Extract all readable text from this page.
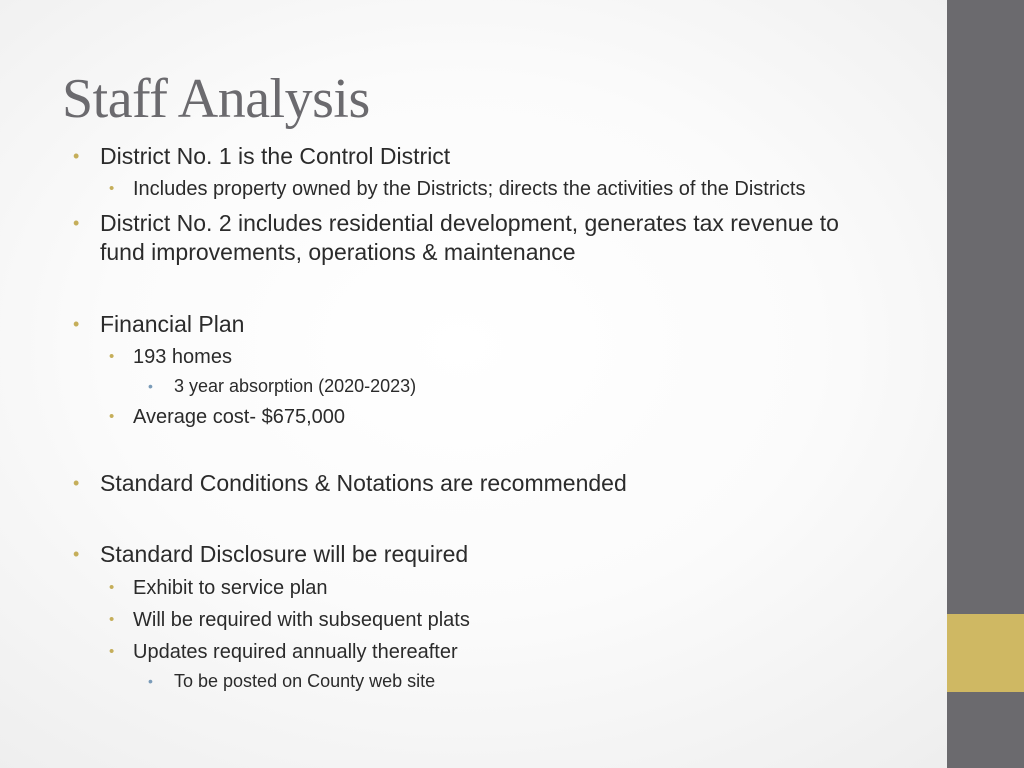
Staff Analysis
• District No. 1 is the Control District
• Includes property owned by the Districts; directs the activities of the Districts
• District No. 2 includes residential development, generates tax revenue to fund improvements, operations & maintenance
• Financial Plan
• 193 homes
• 3 year absorption (2020-2023)
• Average cost- $675,000
• Standard Conditions & Notations are recommended
• Standard Disclosure will be required
• Exhibit to service plan
• Will be required with subsequent plats
• Updates required annually thereafter
• To be posted on County web site
